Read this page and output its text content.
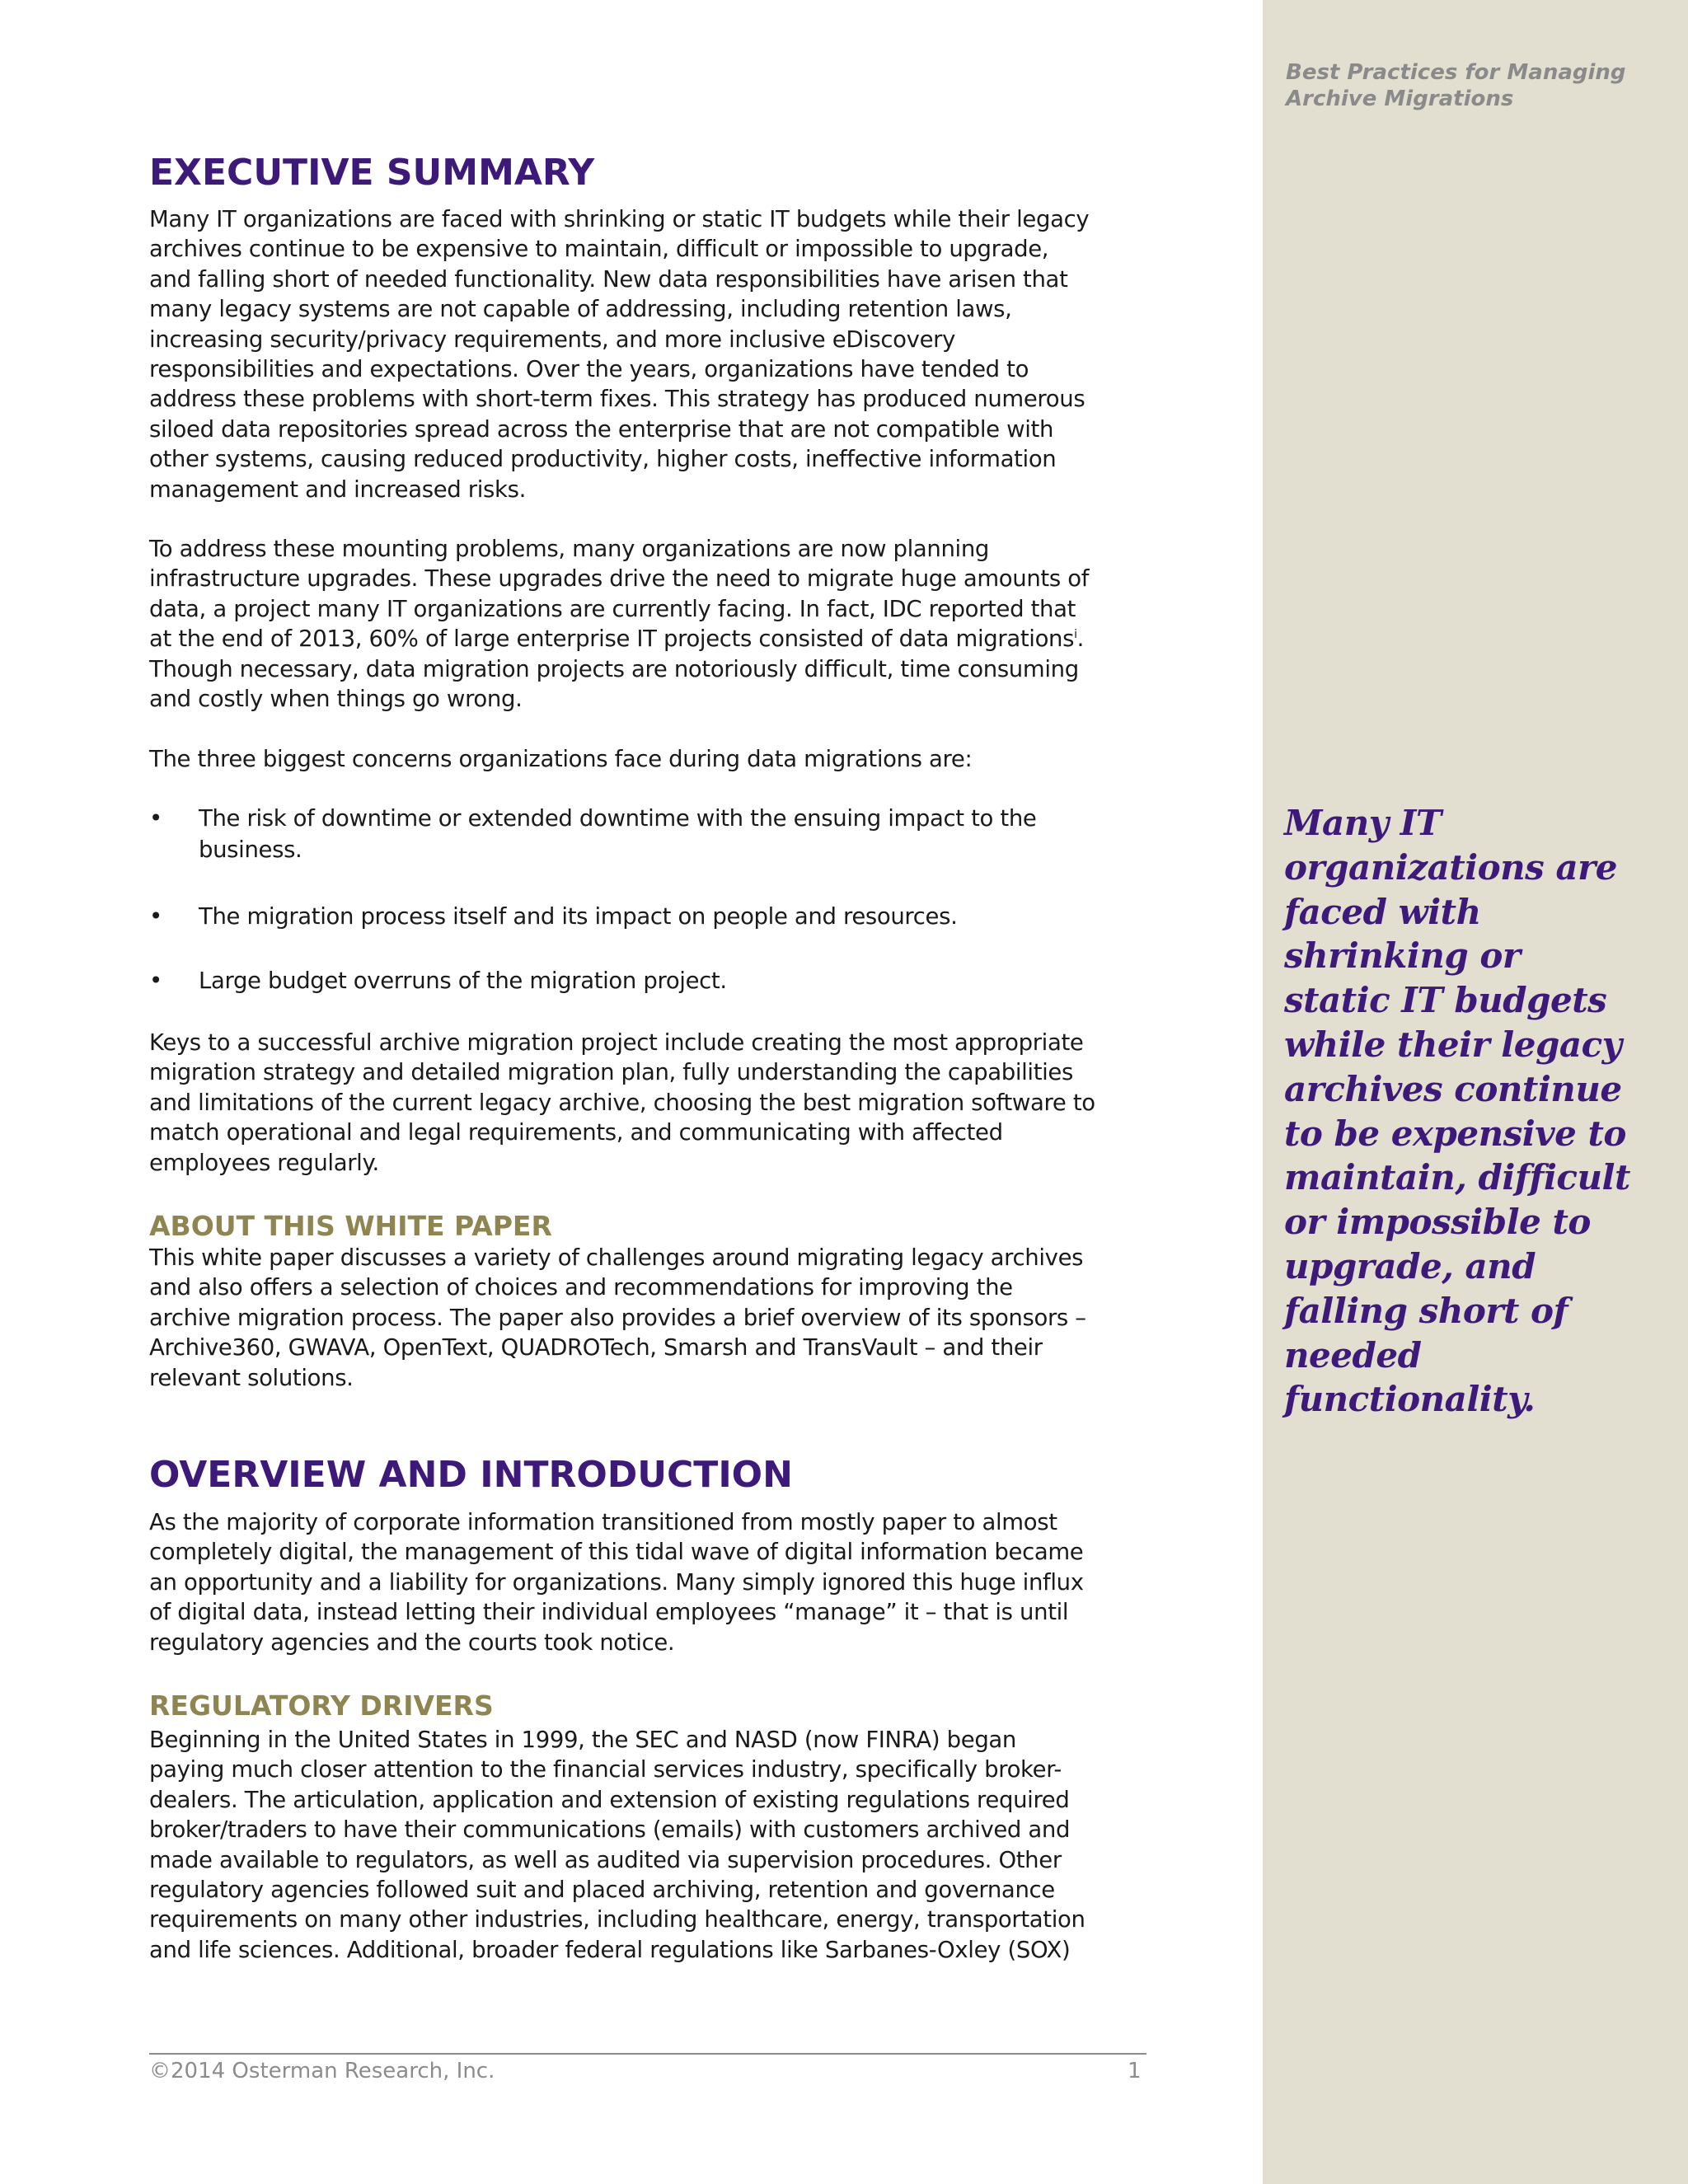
Best Practices for Managing
Archive Migrations
Many IT organizations are faced with shrinking or static IT budgets while their legacy archives continue to be expensive to maintain, difficult or impossible to upgrade, and falling short of needed functionality.
EXECUTIVE SUMMARY

Many IT organizations are faced with shrinking or static IT budgets while their legacy archives continue to be expensive to maintain, difficult or impossible to upgrade, and falling short of needed functionality. New data responsibilities have arisen that many legacy systems are not capable of addressing, including retention laws, increasing security/privacy requirements, and more inclusive eDiscovery responsibilities and expectations. Over the years, organizations have tended to address these problems with short-term fixes. This strategy has produced numerous siloed data repositories spread across the enterprise that are not compatible with other systems, causing reduced productivity, higher costs, ineffective information management and increased risks.

To address these mounting problems, many organizations are now planning infrastructure upgrades. These upgrades drive the need to migrate huge amounts of data, a project many IT organizations are currently facing. In fact, IDC reported that at the end of 2013, 60% of large enterprise IT projects consisted of data migrations$^i$. Though necessary, data migration projects are notoriously difficult, time consuming and costly when things go wrong.

The three biggest concerns organizations face during data migrations are:

• The risk of downtime or extended downtime with the ensuing impact to the business.
• The migration process itself and its impact on people and resources.
• Large budget overruns of the migration project.

Keys to a successful archive migration project include creating the most appropriate migration strategy and detailed migration plan, fully understanding the capabilities and limitations of the current legacy archive, choosing the best migration software to match operational and legal requirements, and communicating with affected employees regularly.

ABOUT THIS WHITE PAPER

This white paper discusses a variety of challenges around migrating legacy archives and also offers a selection of choices and recommendations for improving the archive migration process. The paper also provides a brief overview of its sponsors – Archive360, GWAVA, OpenText, QUADROTech, Smarsh and TransVault – and their relevant solutions.

OVERVIEW AND INTRODUCTION

As the majority of corporate information transitioned from mostly paper to almost completely digital, the management of this tidal wave of digital information became an opportunity and a liability for organizations. Many simply ignored this huge influx of digital data, instead letting their individual employees “manage” it – that is until regulatory agencies and the courts took notice.

REGULATORY DRIVERS

Beginning in the United States in 1999, the SEC and NASD (now FINRA) began paying much closer attention to the financial services industry, specifically broker-dealers. The articulation, application and extension of existing regulations required broker/traders to have their communications (emails) with customers archived and made available to regulators, as well as audited via supervision procedures. Other regulatory agencies followed suit and placed archiving, retention and governance requirements on many other industries, including healthcare, energy, transportation and life sciences. Additional, broader federal regulations like Sarbanes-Oxley (SOX)

©2014 Osterman Research, Inc.	1
